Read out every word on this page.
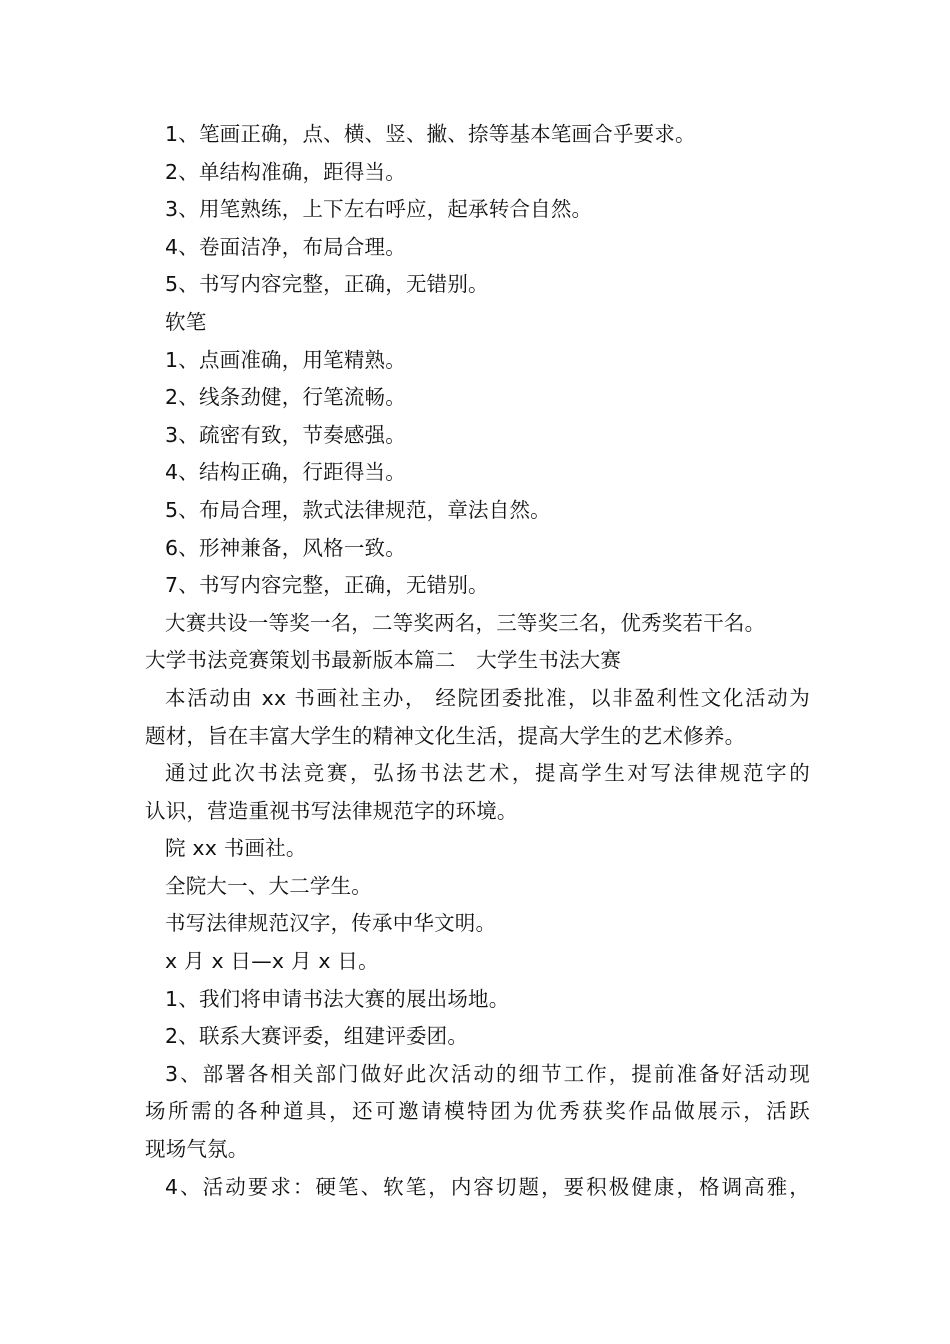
1、笔画正确，点、横、竖、撇、捺等基本笔画合乎要求。
2、单结构准确，距得当。
3、用笔熟练，上下左右呼应，起承转合自然。
4、卷面洁净，布局合理。
5、书写内容完整，正确，无错别。
软笔
1、点画准确，用笔精熟。
2、线条劲健，行笔流畅。
3、疏密有致，节奏感强。
4、结构正确，行距得当。
5、布局合理，款式法律规范，章法自然。
6、形神兼备，风格一致。
7、书写内容完整，正确，无错别。
大赛共设一等奖一名，二等奖两名，三等奖三名，优秀奖若干名。
大学书法竞赛策划书最新版本篇二　大学生书法大赛
本活动由 xx 书画社主办， 经院团委批准，以非盈利性文化活动为
题材，旨在丰富大学生的精神文化生活，提高大学生的艺术修养。
通过此次书法竞赛，弘扬书法艺术，提高学生对写法律规范字的
认识，营造重视书写法律规范字的环境。
院 xx 书画社。
全院大一、大二学生。
书写法律规范汉字，传承中华文明。
x 月 x 日—x 月 x 日。
1、我们将申请书法大赛的展出场地。
2、联系大赛评委，组建评委团。
3、部署各相关部门做好此次活动的细节工作，提前准备好活动现
场所需的各种道具，还可邀请模特团为优秀获奖作品做展示，活跃
现场气氛。
4、活动要求：硬笔、软笔，内容切题，要积极健康，格调高雅，
